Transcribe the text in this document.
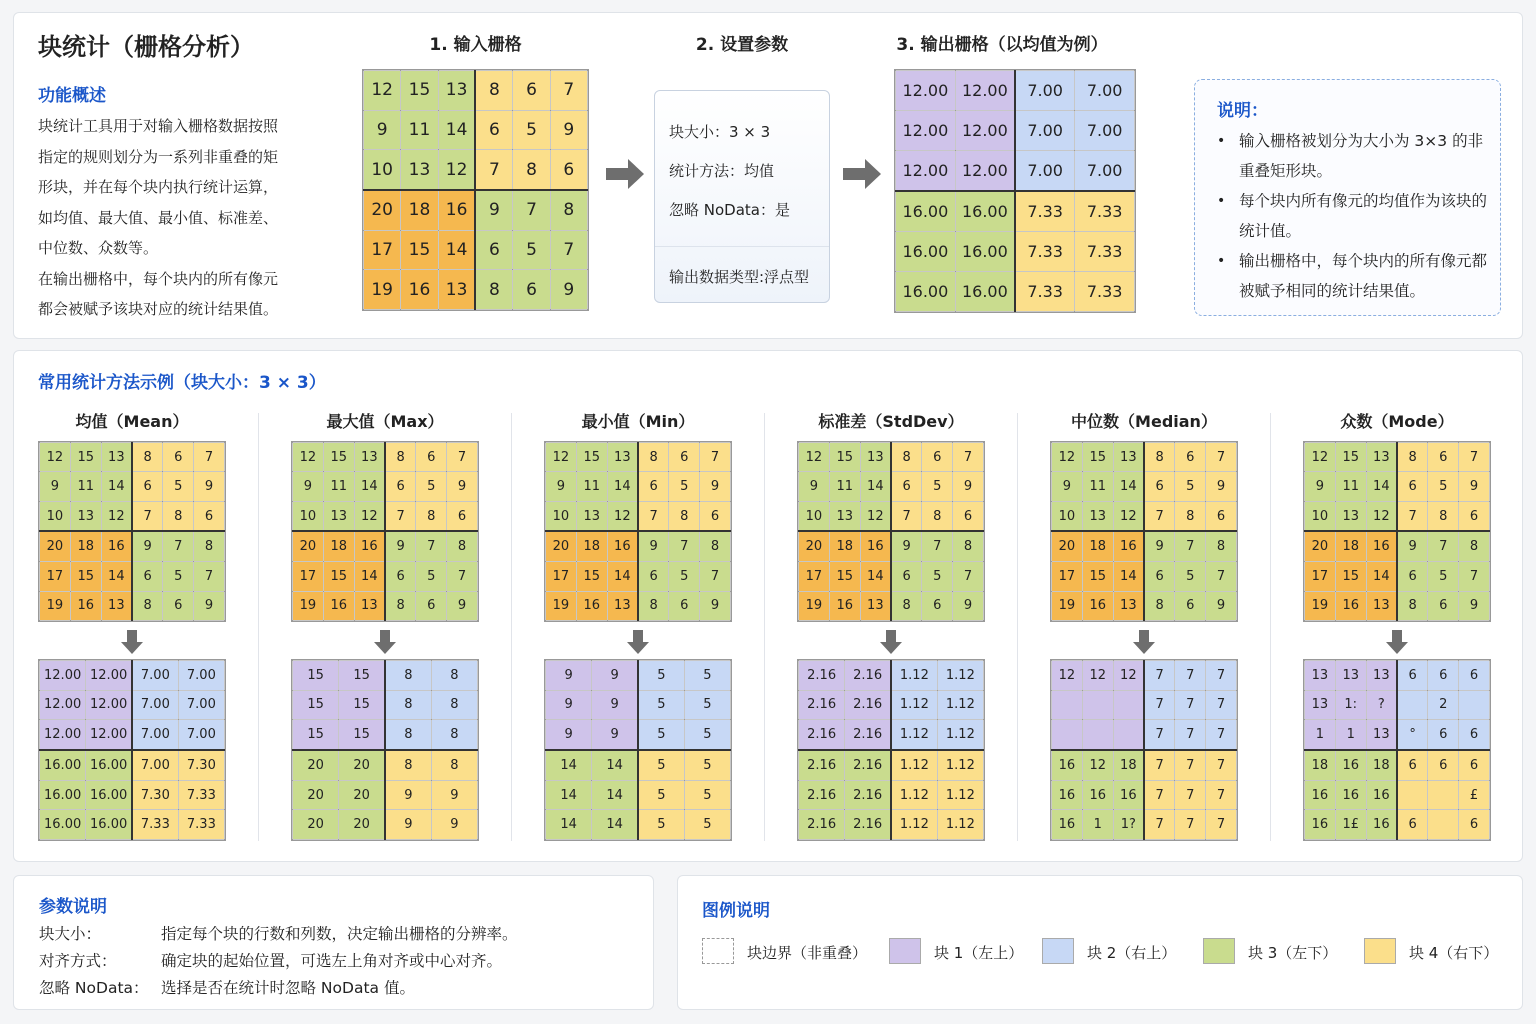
块统计（栅格分析）
功能概述
块统计工具用于对输入栅格数据按照
指定的规则划分为一系列非重叠的矩
形块，并在每个块内执行统计运算，
如均值、最大值、最小值、标准差、
中位数、众数等。
在输出栅格中，每个块内的所有像元
都会被赋予该块对应的统计结果值。
1. 输入栅格	2. 设置参数	3. 输出栅格（以均值为例）
12	15	13	8	6	7
9	11	14	6	5	9
10	13	12	7	8	6
20	18	16	9	7	8
17	15	14	6	5	7
19	16	13	8	6	9
块大小：3 × 3
统计方法：均值
忽略 NoData：是
输出数据类型:浮点型
12.00	12.00	7.00	7.00
12.00	12.00	7.00	7.00
12.00	12.00	7.00	7.00
16.00	16.00	7.33	7.33
16.00	16.00	7.33	7.33
16.00	16.00	7.33	7.33
说明：
• 输入栅格被划分为大小为 3×3 的非重叠矩形块。
• 每个块内所有像元的均值作为该块的统计值。
• 输出栅格中，每个块内的所有像元都被赋予相同的统计结果值。
常用统计方法示例（块大小：3 × 3）
均值（Mean）
12	15	13	8	6	7
9	11	14	6	5	9
10	13	12	7	8	6
20	18	16	9	7	8
17	15	14	6	5	7
19	16	13	8	6	9
12.00	12.00	7.00	7.00
12.00	12.00	7.00	7.00
12.00	12.00	7.00	7.00
16.00	16.00	7.00	7.30
16.00	16.00	7.30	7.33
16.00	16.00	7.33	7.33
最大值（Max）
12	15	13	8	6	7
9	11	14	6	5	9
10	13	12	7	8	6
20	18	16	9	7	8
17	15	14	6	5	7
19	16	13	8	6	9
15	15	8	8
15	15	8	8
15	15	8	8
20	20	8	8
20	20	9	9
20	20	9	9
最小值（Min）
12	15	13	8	6	7
9	11	14	6	5	9
10	13	12	7	8	6
20	18	16	9	7	8
17	15	14	6	5	7
19	16	13	8	6	9
9	9	5	5
9	9	5	5
9	9	5	5
14	14	5	5
14	14	5	5
14	14	5	5
标准差（StdDev）
12	15	13	8	6	7
9	11	14	6	5	9
10	13	12	7	8	6
20	18	16	9	7	8
17	15	14	6	5	7
19	16	13	8	6	9
2.16	2.16	1.12	1.12
2.16	2.16	1.12	1.12
2.16	2.16	1.12	1.12
2.16	2.16	1.12	1.12
2.16	2.16	1.12	1.12
2.16	2.16	1.12	1.12
中位数（Median）
12	15	13	8	6	7
9	11	14	6	5	9
10	13	12	7	8	6
20	18	16	9	7	8
17	15	14	6	5	7
19	16	13	8	6	9
12	12	12	7	7	7
			7	7	7
			7	7	7
16	12	18	7	7	7
16	16	16	7	7	7
16	1	1?	7	7	7
众数（Mode）
12	15	13	8	6	7
9	11	14	6	5	9
10	13	12	7	8	6
20	18	16	9	7	8
17	15	14	6	5	7
19	16	13	8	6	9
13	13	13	6	6	6
13	1:	?		2	
1	1	13	°	6	6
18	16	18	6	6	6
16	16	16			£
16	1£	16	6		6
参数说明
块大小：	指定每个块的行数和列数，决定输出栅格的分辨率。
对齐方式：	确定块的起始位置，可选左上角对齐或中心对齐。
忽略 NoData： 选择是否在统计时忽略 NoData 值。
图例说明
块边界（非重叠）	块 1（左上）	块 2（右上）	块 3（左下）	块 4（右下）
